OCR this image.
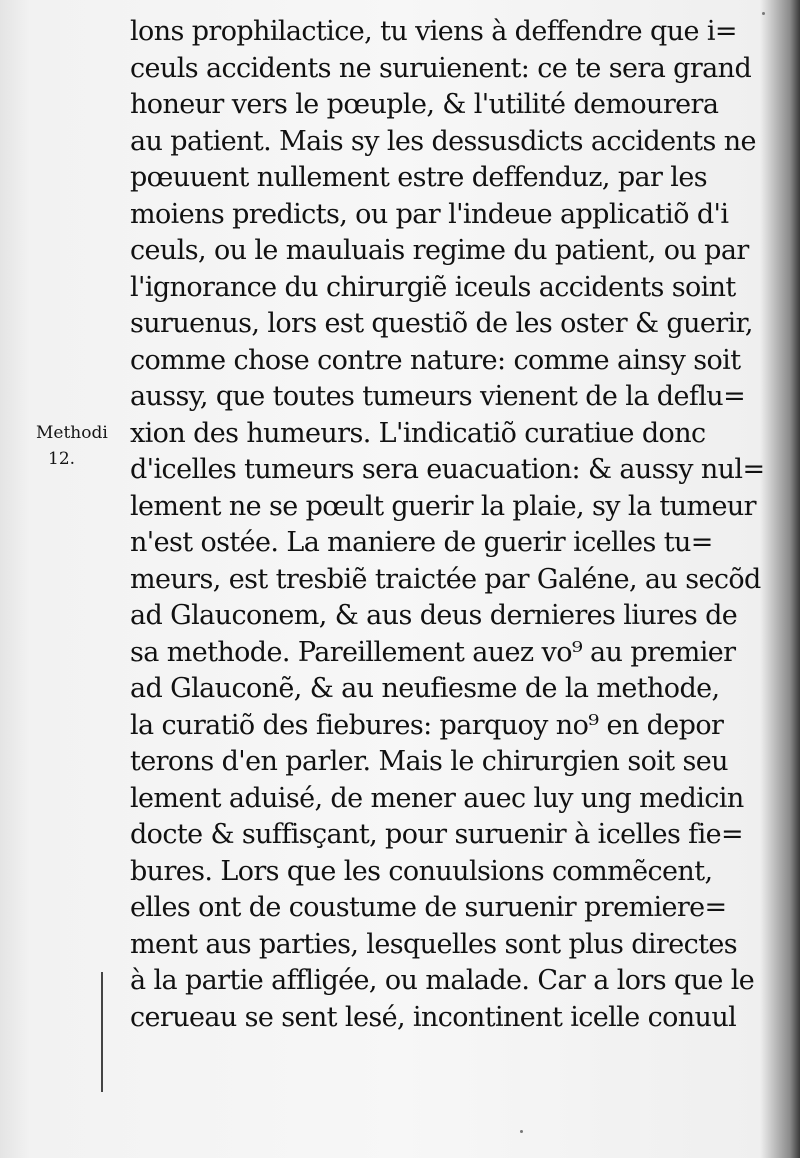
Methodi
12.
lons prophilactice, tu viens à deffendre que i=
ceuls accidents ne suruienent: ce te sera grand
honeur vers le pœuple, & l'utilité demourera
au patient. Mais sy les dessusdicts accidents ne
pœuuent nullement estre deffenduz, par les
moiens predicts, ou par l'indeue applicatiõ d'i
ceuls, ou le mauluais regime du patient, ou par
l'ignorance du chirurgiẽ iceuls accidents soint
suruenus, lors est questiõ de les oster & guerir,
comme chose contre nature: comme ainsy soit
aussy, que toutes tumeurs vienent de la deflu=
xion des humeurs. L'indicatiõ curatiue donc
d'icelles tumeurs sera euacuation: & aussy nul=
lement ne se pœult guerir la plaie, sy la tumeur
n'est ostée. La maniere de guerir icelles tu=
meurs, est tresbiẽ traictée par Galéne, au secõd
ad Glauconem, & aus deus dernieres liures de
sa methode. Pareillement auez vo⁹ au premier
ad Glauconẽ, & au neufiesme de la methode,
la curatiõ des fiebures: parquoy no⁹ en depor
terons d'en parler. Mais le chirurgien soit seu
lement aduisé, de mener auec luy ung medicin
docte & suffisçant, pour suruenir à icelles fie=
bures. Lors que les conuulsions commẽcent,
elles ont de coustume de suruenir premiere=
ment aus parties, lesquelles sont plus directes
à la partie affligée, ou malade. Car a lors que le
cerueau se sent lesé, incontinent icelle conuul
